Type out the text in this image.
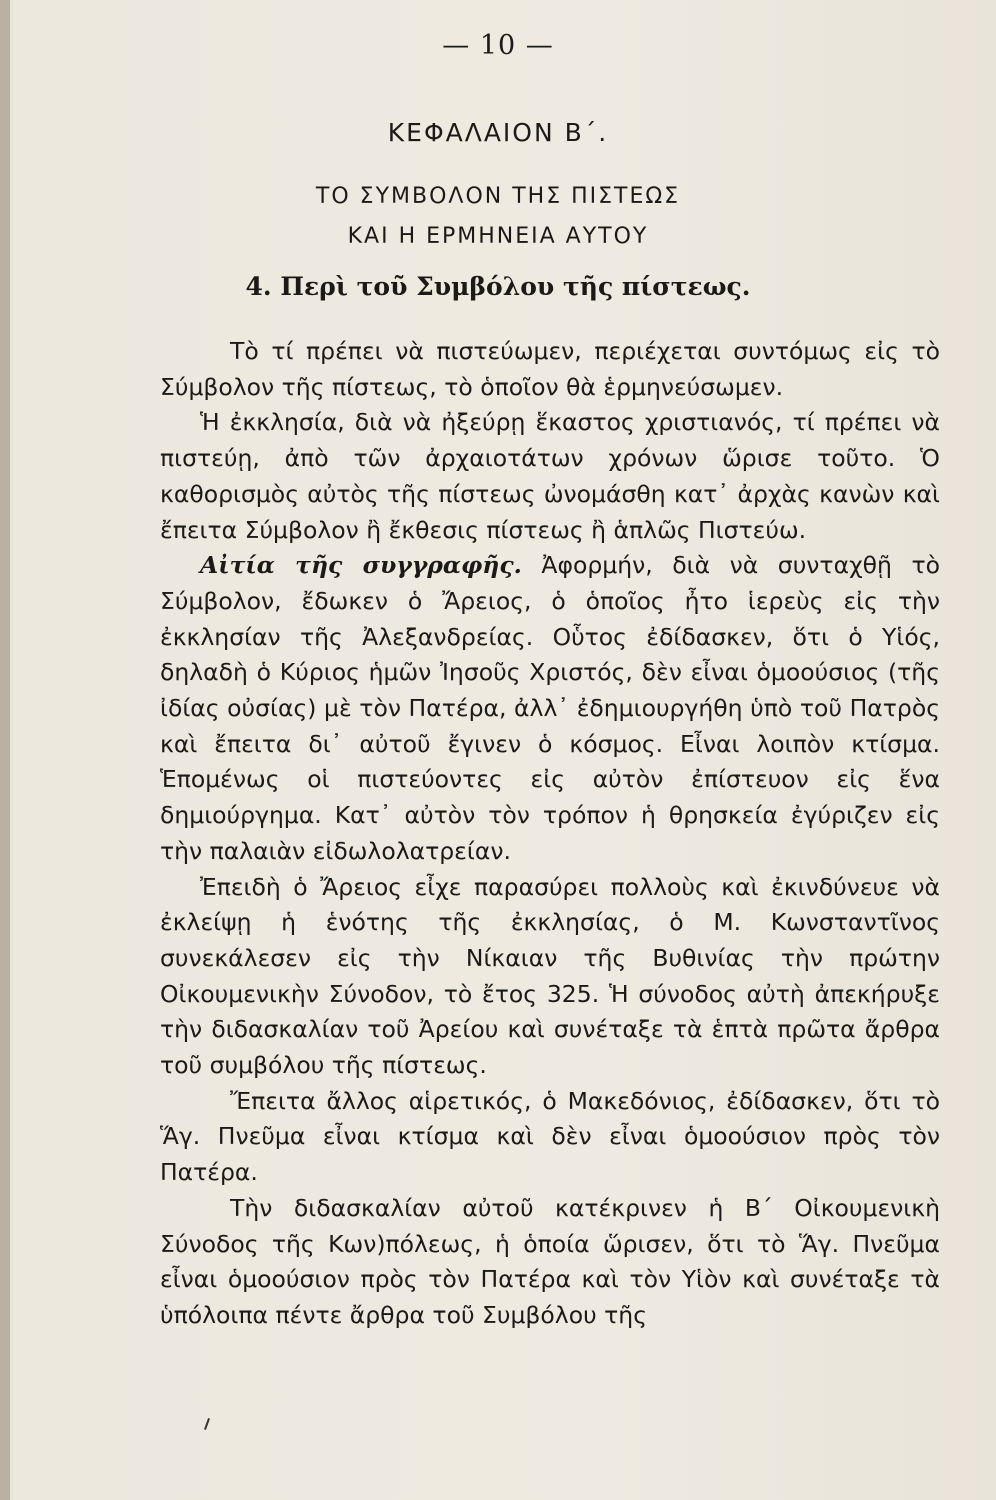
— 10 —
ΚΕΦΑΛΑΙΟΝ Β΄.
ΤΟ ΣΥΜΒΟΛΟΝ ΤΗΣ ΠΙΣΤΕΩΣ
ΚΑΙ Η ΕΡΜΗΝΕΙΑ ΑΥΤΟΥ
4. Περὶ τοῦ Συμβόλου τῆς πίστεως.

Τὸ τί πρέπει νὰ πιστεύωμεν, περιέχεται συντόμως εἰς τὸ Σύμβολον τῆς πίστεως, τὸ ὁποῖον θὰ ἑρμηνεύσωμεν.

Ἡ ἐκκλησία, διὰ νὰ ἠξεύρῃ ἕκαστος χριστιανός, τί πρέπει νὰ πιστεύῃ, ἀπὸ τῶν ἀρχαιοτάτων χρόνων ὥρισε τοῦτο. Ὁ καθορισμὸς αὐτὸς τῆς πίστεως ὠνομάσθη κατ᾿ ἀρχὰς κανὼν καὶ ἔπειτα Σύμβολον ἢ ἔκθεσις πίστεως ἢ ἁπλῶς Πιστεύω.

Αἰτία τῆς συγγραφῆς. Ἀφορμήν, διὰ νὰ συνταχθῇ τὸ Σύμβολον, ἔδωκεν ὁ Ἄρειος, ὁ ὁποῖος ἦτο ἱερεὺς εἰς τὴν ἐκκλησίαν τῆς Ἀλεξανδρείας. Οὗτος ἐδίδασκεν, ὅτι ὁ Υἱός, δηλαδὴ ὁ Κύριος ἡμῶν Ἰησοῦς Χριστός, δὲν εἶναι ὁμοούσιος (τῆς ἰδίας οὐσίας) μὲ τὸν Πατέρα, ἀλλ᾿ ἐδημιουργήθη ὑπὸ τοῦ Πατρὸς καὶ ἔπειτα δι᾿ αὐτοῦ ἔγινεν ὁ κόσμος. Εἶναι λοιπὸν κτίσμα. Ἑπομένως οἱ πιστεύοντες εἰς αὐτὸν ἐπίστευον εἰς ἕνα δημιούργημα. Κατ᾿ αὐτὸν τὸν τρόπον ἡ θρησκεία ἐγύριζεν εἰς τὴν παλαιὰν εἰδωλολατρείαν.

Ἐπειδὴ ὁ Ἄρειος εἶχε παρασύρει πολλοὺς καὶ ἐκινδύνευε νὰ ἐκλείψῃ ἡ ἑνότης τῆς ἐκκλησίας, ὁ Μ. Κωνσταντῖνος συνεκάλεσεν εἰς τὴν Νίκαιαν τῆς Βυθινίας τὴν πρώτην Οἰκουμενικὴν Σύνοδον, τὸ ἔτος 325. Ἡ σύνοδος αὐτὴ ἀπεκήρυξε τὴν διδασκαλίαν τοῦ Ἀρείου καὶ συνέταξε τὰ ἑπτὰ πρῶτα ἄρθρα τοῦ συμβόλου τῆς πίστεως.

Ἔπειτα ἄλλος αἱρετικός, ὁ Μακεδόνιος, ἐδίδασκεν, ὅτι τὸ Ἅγ. Πνεῦμα εἶναι κτίσμα καὶ δὲν εἶναι ὁμοούσιον πρὸς τὸν Πατέρα.

Τὴν διδασκαλίαν αὐτοῦ κατέκρινεν ἡ Β΄ Οἰκουμενικὴ Σύνοδος τῆς Κων)πόλεως, ἡ ὁποία ὥρισεν, ὅτι τὸ Ἅγ. Πνεῦμα εἶναι ὁμοούσιον πρὸς τὸν Πατέρα καὶ τὸν Υἱὸν καὶ συνέταξε τὰ ὑπόλοιπα πέντε ἄρθρα τοῦ Συμβόλου τῆς
